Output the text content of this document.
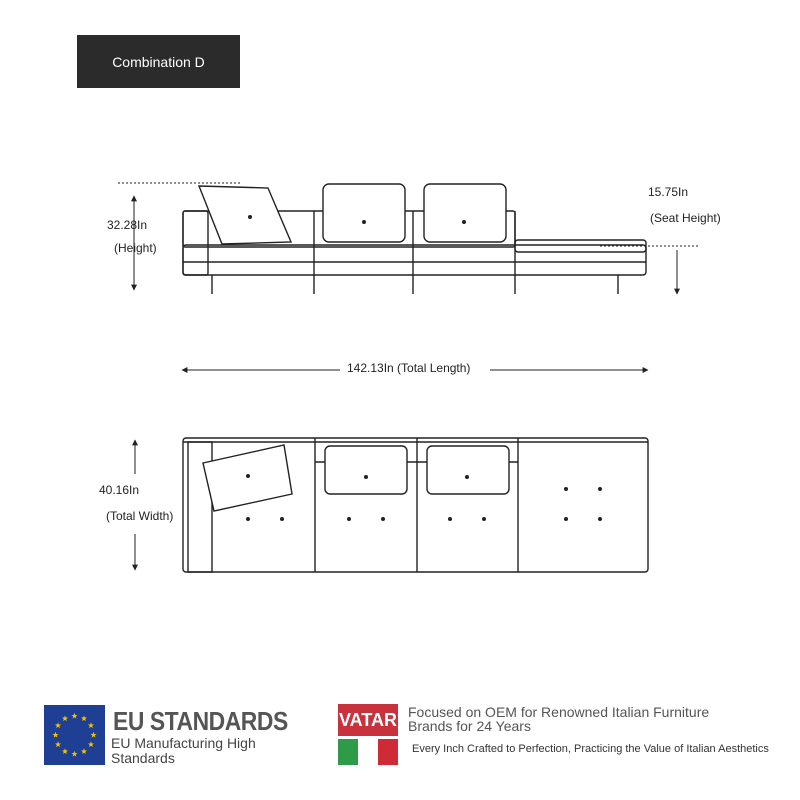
Combination D
32.28In
(Height)
15.75In
(Seat Height)
142.13In (Total Length)
40.16In
(Total Width)
EU STANDARDS
EU Manufacturing High Standards
VATAR Focused on OEM for Renowned Italian Furniture Brands for 24 Years
Every Inch Crafted to Perfection, Practicing the Value of Italian Aesthetics
